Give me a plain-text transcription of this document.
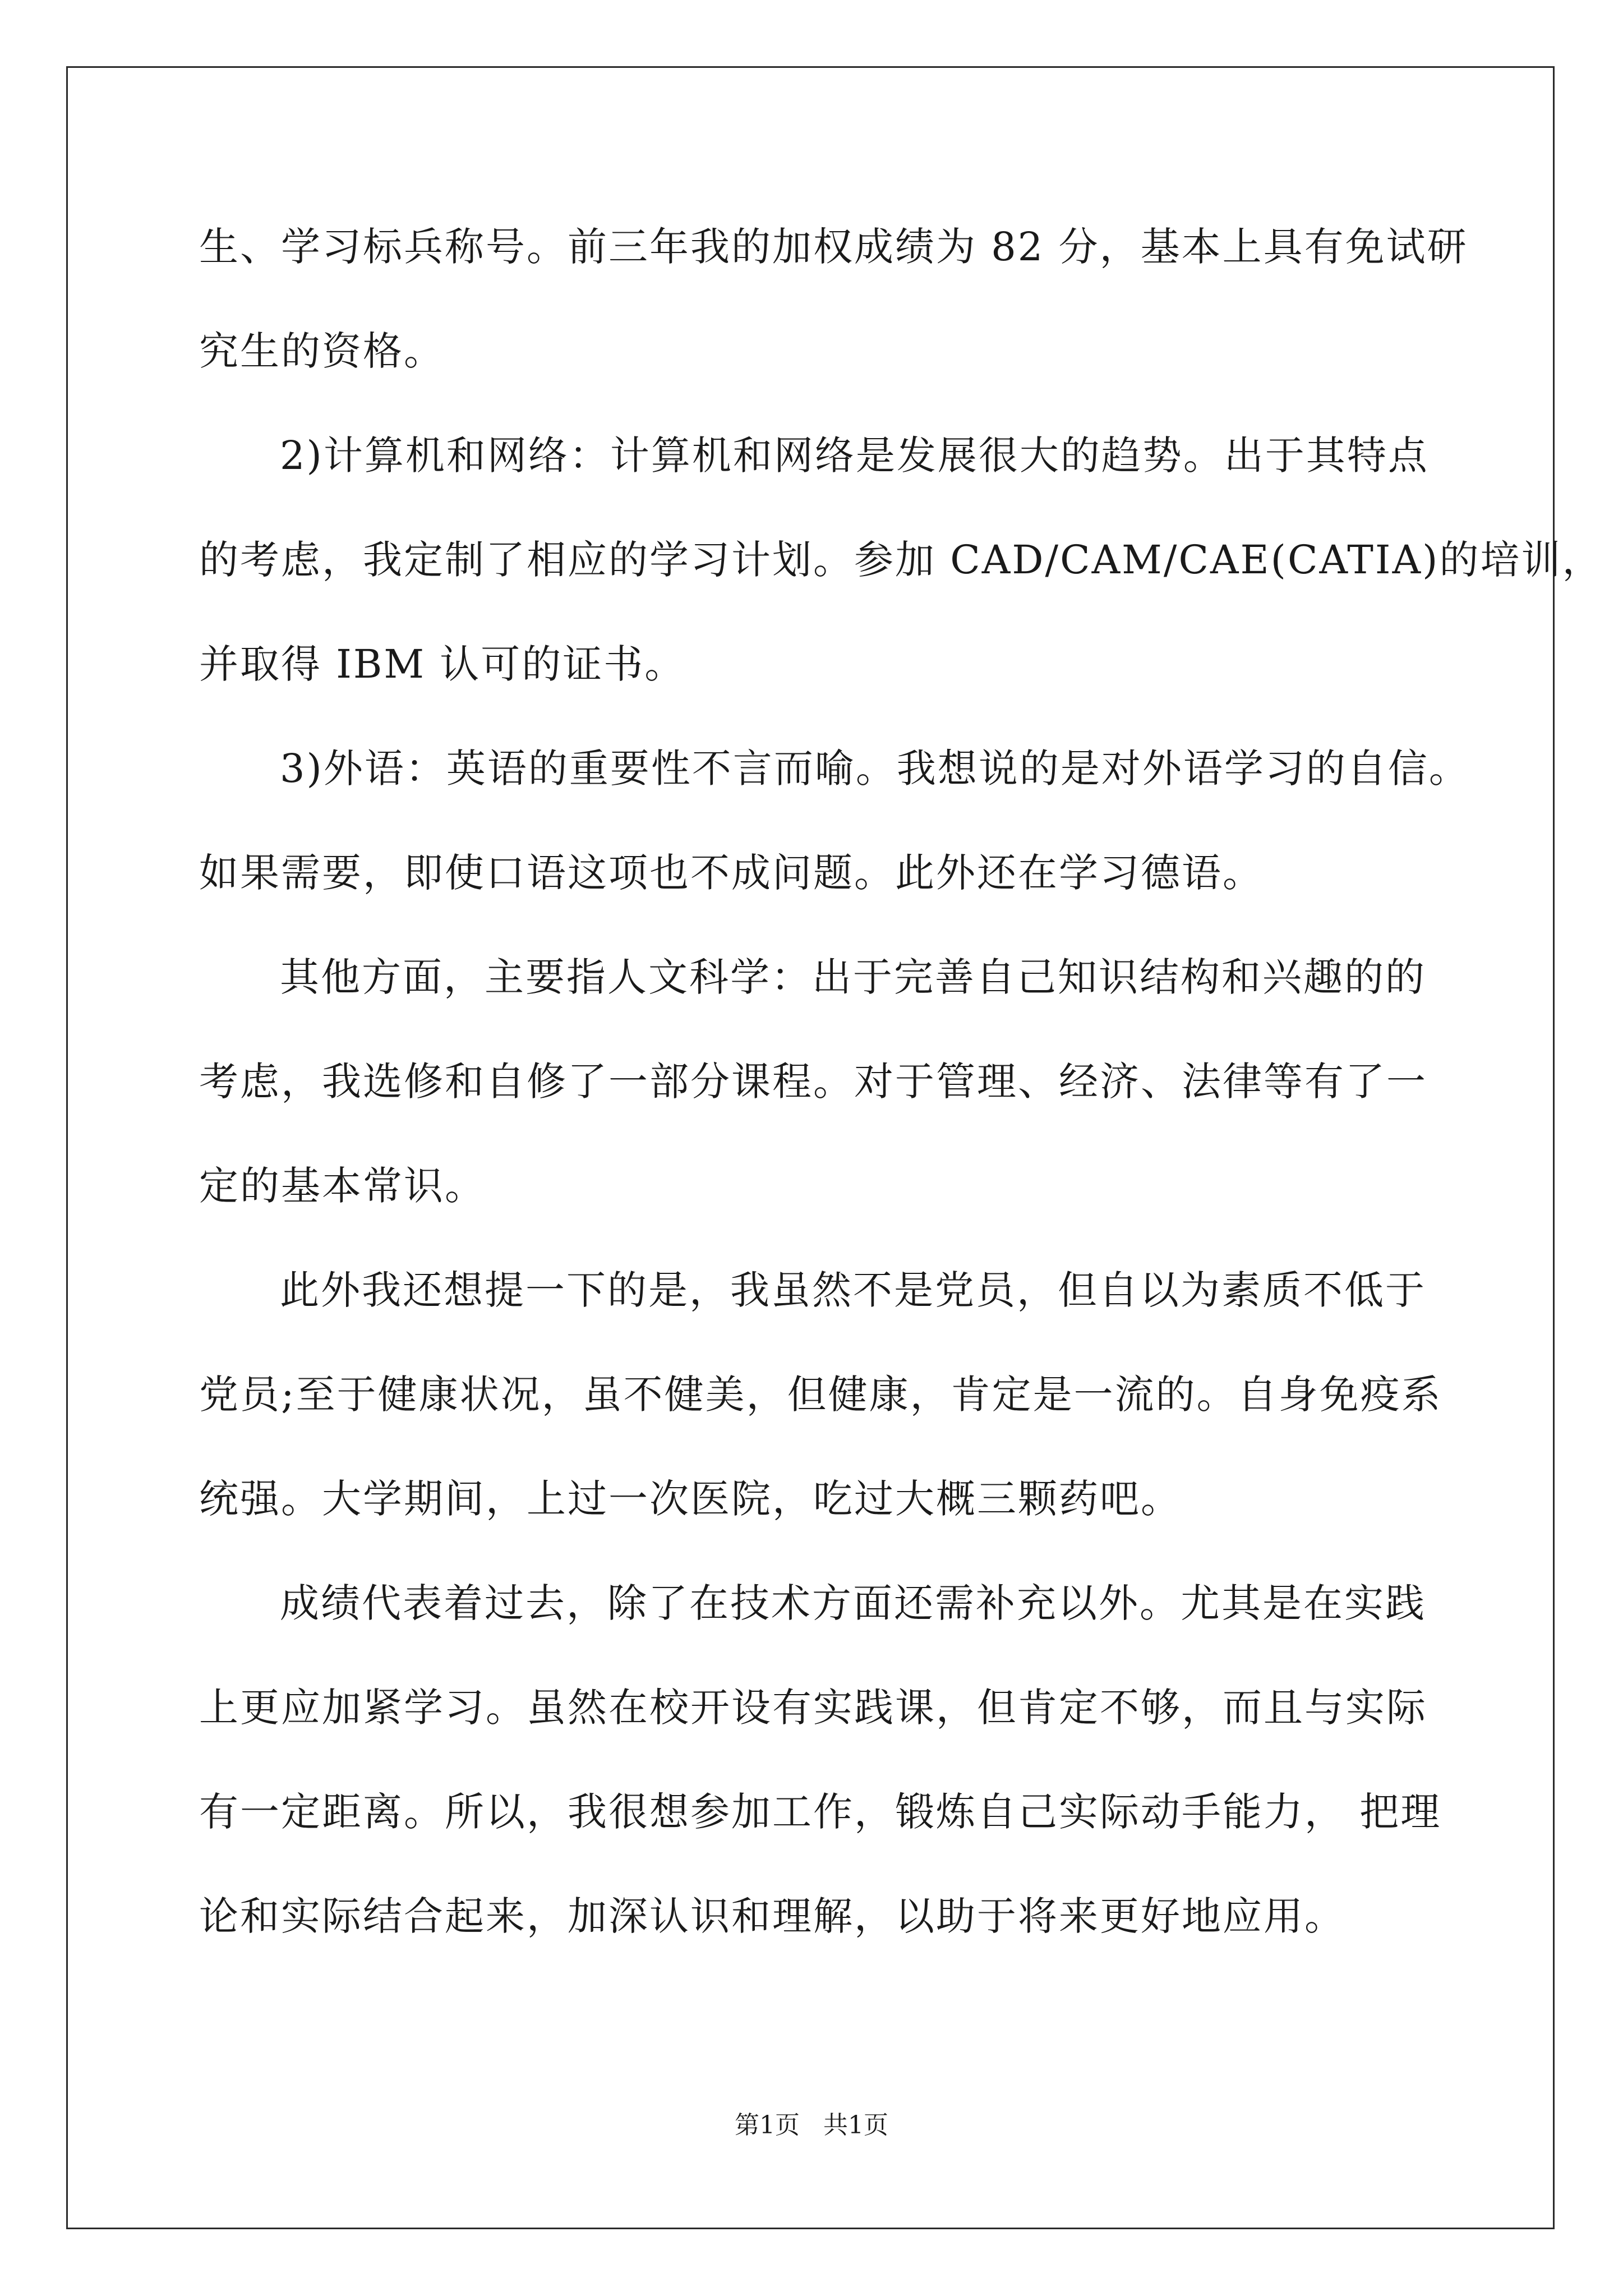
生、学习标兵称号。前三年我的加权成绩为 82 分，基本上具有免试研
究生的资格。
2)计算机和网络：计算机和网络是发展很大的趋势。出于其特点
的考虑，我定制了相应的学习计划。参加 CAD/CAM/CAE(CATIA)的培训，
并取得 IBM 认可的证书。
3)外语：英语的重要性不言而喻。我想说的是对外语学习的自信。
如果需要，即使口语这项也不成问题。此外还在学习德语。
其他方面，主要指人文科学：出于完善自己知识结构和兴趣的的
考虑，我选修和自修了一部分课程。对于管理、经济、法律等有了一
定的基本常识。
此外我还想提一下的是，我虽然不是党员，但自以为素质不低于
党员;至于健康状况，虽不健美，但健康，肯定是一流的。自身免疫系
统强。大学期间，上过一次医院，吃过大概三颗药吧。
成绩代表着过去，除了在技术方面还需补充以外。尤其是在实践
上更应加紧学习。虽然在校开设有实践课，但肯定不够，而且与实际
有一定距离。所以，我很想参加工作，锻炼自己实际动手能力， 把理
论和实际结合起来，加深认识和理解，以助于将来更好地应用。
第1页 共1页
